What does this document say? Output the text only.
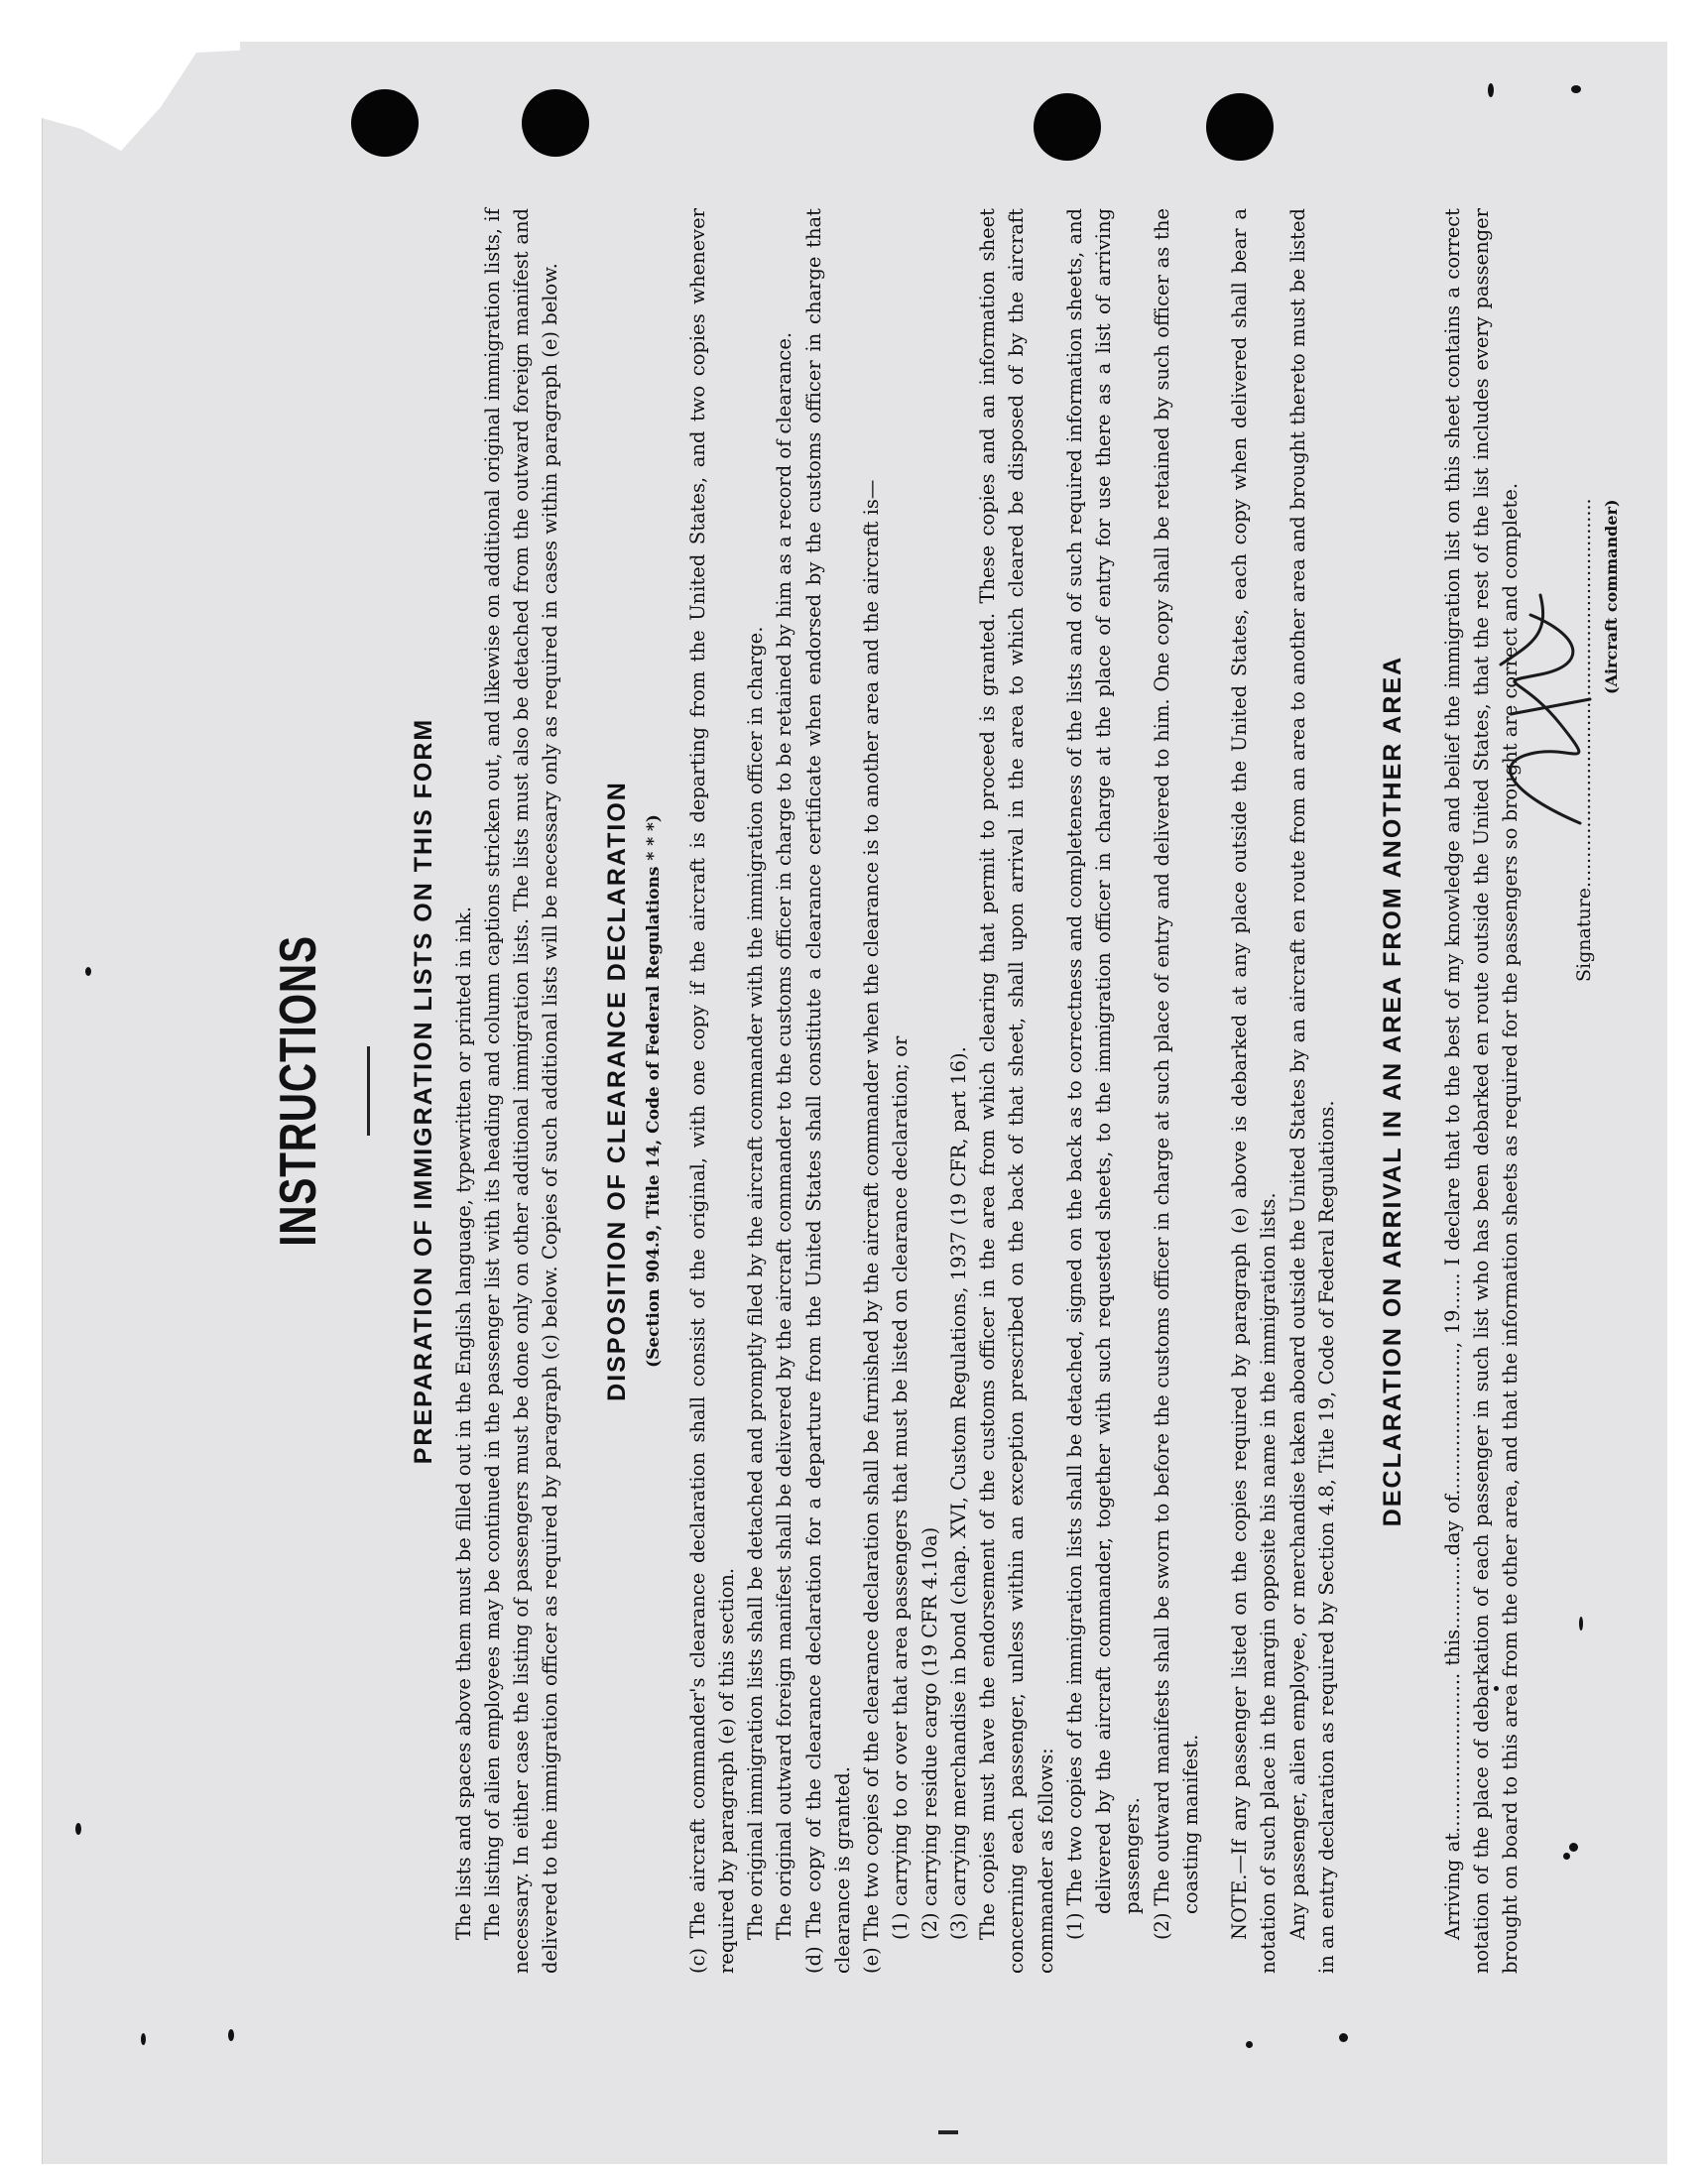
INSTRUCTIONS	PREPARATION OF IMMIGRATION LISTS ON THIS FORM The lists and spaces above them must be filled out in the English language, typewritten or printed in ink. The listing of alien employees may be continued in the passenger list with its heading and column captions stricken out, and likewise on additional original immigration lists, if necessary. In either case the listing of passengers must be done only on other additional immigration lists. The lists must also be detached from the outward foreign manifest and delivered to the immigration officer as required by paragraph (c) below. Copies of such additional lists will be necessary only as required in cases within paragraph (e) below. DISPOSITION OF CLEARANCE DECLARATION (Section 904.9, Title 14, Code of Federal Regulations * * *) (c) The aircraft commander's clearance declaration shall consist of the original, with one copy if the aircraft is departing from the United States, and two copies whenever required by paragraph (e) of this section. The original immigration lists shall be detached and promptly filed by the aircraft commander with the immigration officer in charge. The original outward foreign manifest shall be delivered by the aircraft commander to the customs officer in charge to be retained by him as a record of clearance. (d) The copy of the clearance declaration for a departure from the United States shall constitute a clearance certificate when endorsed by the customs officer in charge that clearance is granted. (e) The two copies of the clearance declaration shall be furnished by the aircraft commander when the clearance is to another area and the aircraft is— (1) carrying to or over that area passengers that must be listed on clearance declaration; or (2) carrying residue cargo (19 CFR 4.10a) (3) carrying merchandise in bond (chap. XVI, Custom Regulations, 1937 (19 CFR, part 16). The copies must have the endorsement of the customs officer in the area from which clearing that permit to proceed is granted. These copies and an information sheet concerning each passenger, unless within an exception prescribed on the back of that sheet, shall upon arrival in the area to which cleared be disposed of by the aircraft commander as follows: (1) The two copies of the immigration lists shall be detached, signed on the back as to correctness and completeness of the lists and of such required information sheets, and delivered by the aircraft commander, together with such requested sheets, to the immigration officer in charge at the place of entry for use there as a list of arriving passengers. (2) The outward manifests shall be sworn to before the customs officer in charge at such place of entry and delivered to him. One copy shall be retained by such officer as the coasting manifest. NOTE.—If any passenger listed on the copies required by paragraph (e) above is debarked at any place outside the United States, each copy when delivered shall bear a notation of such place in the margin opposite his name in the immigration lists. Any passenger, alien employee, or merchandise taken aboard outside the United States by an aircraft en route from an area to another area and brought thereto must be listed in an entry declaration as required by Section 4.8, Title 19, Code of Federal Regulations.

DECLARATION ON ARRIVAL IN AN AREA FROM ANOTHER AREA Arriving at.......................... this............day of........................, 19...... I declare that to the best of my knowledge and belief the immigration list on this sheet contains a correct notation of the place of debarkation of each passenger in such list who has been debarked en route outside the United States, that the rest of the list includes every passenger brought on board to this area from the other area, and that the information sheets as required for the passengers so brought are correct and complete.	Signature................................................................. (Aircraft commander)
